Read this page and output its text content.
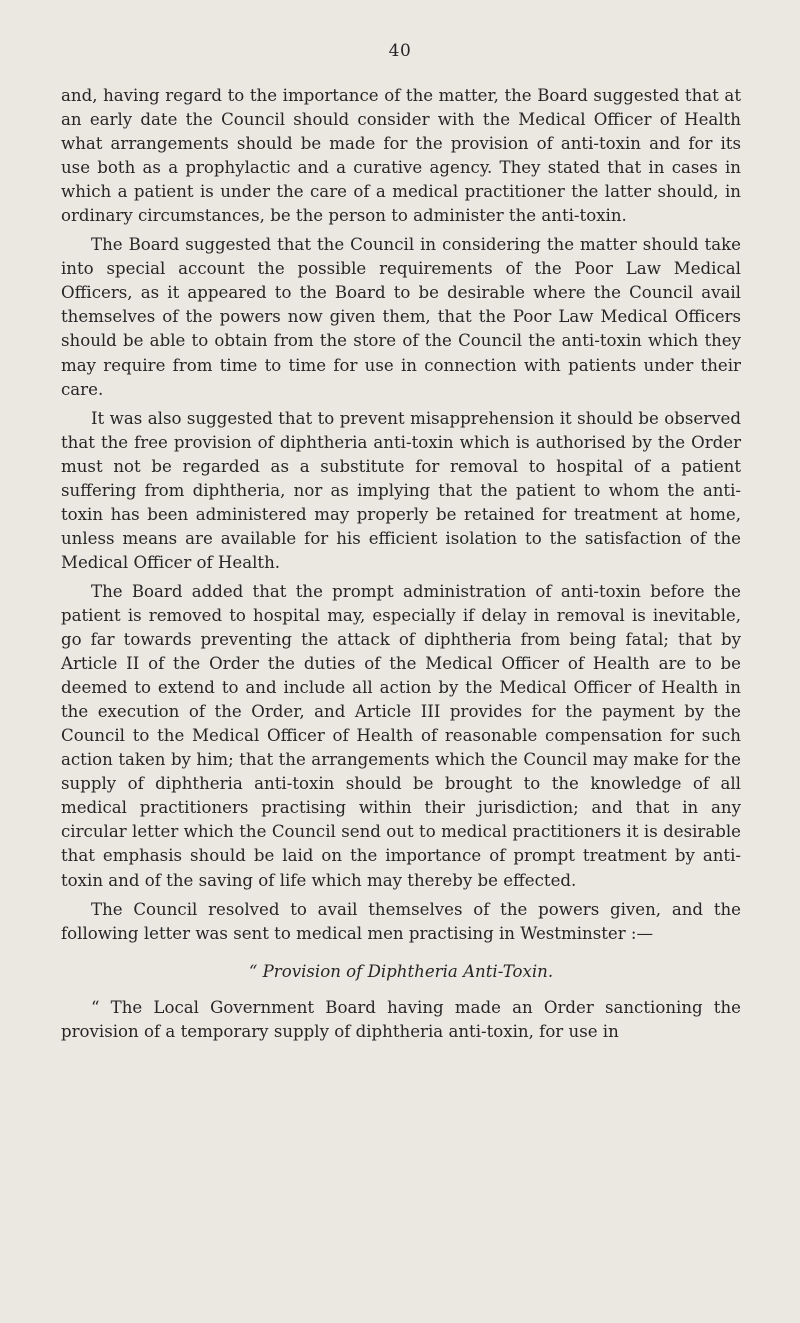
40

and, having regard to the importance of the matter, the Board suggested that at an early date the Council should consider with the Medical Officer of Health what arrangements should be made for the provision of anti-toxin and for its use both as a prophylactic and a curative agency. They stated that in cases in which a patient is under the care of a medical practitioner the latter should, in ordinary circumstances, be the person to administer the anti-toxin.

The Board suggested that the Council in considering the matter should take into special account the possible requirements of the Poor Law Medical Officers, as it appeared to the Board to be desirable where the Council avail themselves of the powers now given them, that the Poor Law Medical Officers should be able to obtain from the store of the Council the anti-toxin which they may require from time to time for use in connection with patients under their care.

It was also suggested that to prevent misapprehension it should be observed that the free provision of diphtheria anti-toxin which is authorised by the Order must not be regarded as a substitute for removal to hospital of a patient suffering from diphtheria, nor as implying that the patient to whom the anti-toxin has been administered may properly be retained for treatment at home, unless means are available for his efficient isolation to the satisfaction of the Medical Officer of Health.

The Board added that the prompt administration of anti-toxin before the patient is removed to hospital may, especially if delay in removal is inevitable, go far towards preventing the attack of diphtheria from being fatal; that by Article II of the Order the duties of the Medical Officer of Health are to be deemed to extend to and include all action by the Medical Officer of Health in the execution of the Order, and Article III provides for the payment by the Council to the Medical Officer of Health of reasonable compensation for such action taken by him; that the arrangements which the Council may make for the supply of diphtheria anti-toxin should be brought to the knowledge of all medical practitioners practising within their jurisdiction; and that in any circular letter which the Council send out to medical practitioners it is desirable that emphasis should be laid on the importance of prompt treatment by anti-toxin and of the saving of life which may thereby be effected.

The Council resolved to avail themselves of the powers given, and the following letter was sent to medical men practising in Westminster :—

“ Provision of Diphtheria Anti-Toxin.

“ The Local Government Board having made an Order sanctioning the provision of a temporary supply of diphtheria anti-toxin, for use in
